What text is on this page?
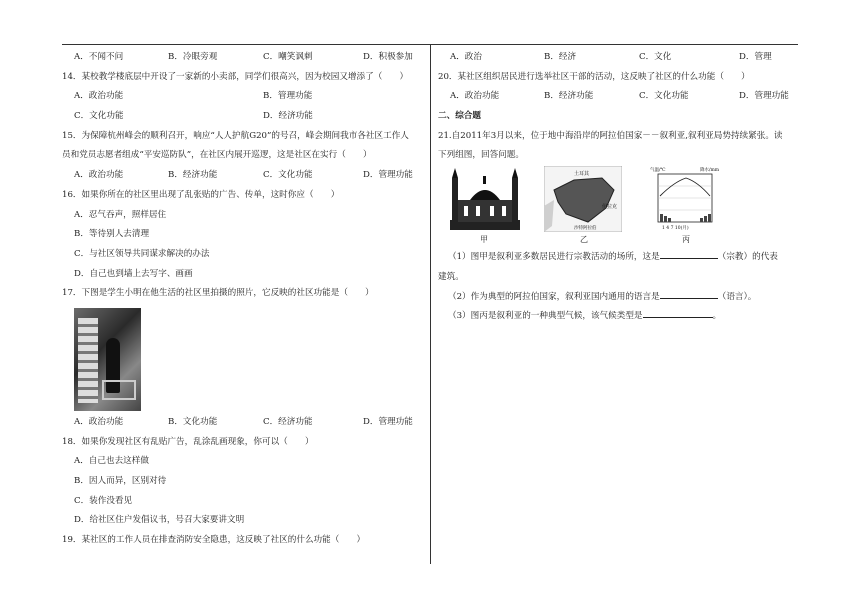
A．不闻不问	B．冷眼旁观	C．嘲笑讽刺	D．积极参加
14．某校教学楼底层中开设了一家新的小卖部，同学们很高兴，因为校园又增添了（　　）
A．政治功能	B．管理功能
C．文化功能	D．经济功能
15．为保障杭州峰会的顺利召开，响应“人人护航G20”的号召，峰会期间我市各社区工作人
员和党员志愿者组成“平安巡防队”，在社区内展开巡逻，这是社区在实行（　　）
A．政治功能	B．经济功能	C．文化功能	D．管理功能
16．如果你所在的社区里出现了乱张贴的广告、传单，这时你应（　　）
A．忍气吞声，照样居住
B．等待别人去清理
C．与社区领导共同谋求解决的办法
D．自己也到墙上去写字、画画
17．下图是学生小明在他生活的社区里拍摄的照片，它反映的社区功能是（　　）
A．政治功能	B．文化功能	C．经济功能	D．管理功能
18．如果你发现社区有乱贴广告，乱涂乱画现象，你可以（　　）
A．自己也去这样做
B．因人而异，区别对待
C．装作没看见
D．给社区住户发倡议书，号召大家要讲文明
19．某社区的工作人员在排查消防安全隐患，这反映了社区的什么功能（　　）
A．政治	B．经济	C．文化	D．管理
20．某社区组织居民进行选举社区干部的活动，这反映了社区的什么功能（　　）
A．政治功能	B．经济功能	C．文化功能	D．管理功能
二、综合题
21.自2011年3月以来，位于地中海沿岸的阿拉伯国家－－叙利亚,叙利亚局势持续紧张。读
下列组图，回答问题。
土耳其
伊拉克
沙特阿拉伯
气温/℃	降水/mm
1 4 7 10(月)
甲	乙	丙
（1）图甲是叙利亚多数居民进行宗教活动的场所，这是	（宗教）的代表
建筑。
（2）作为典型的阿拉伯国家，叙利亚国内通用的语言是	（语言）。
（3）图丙是叙利亚的一种典型气候，该气候类型是	。
